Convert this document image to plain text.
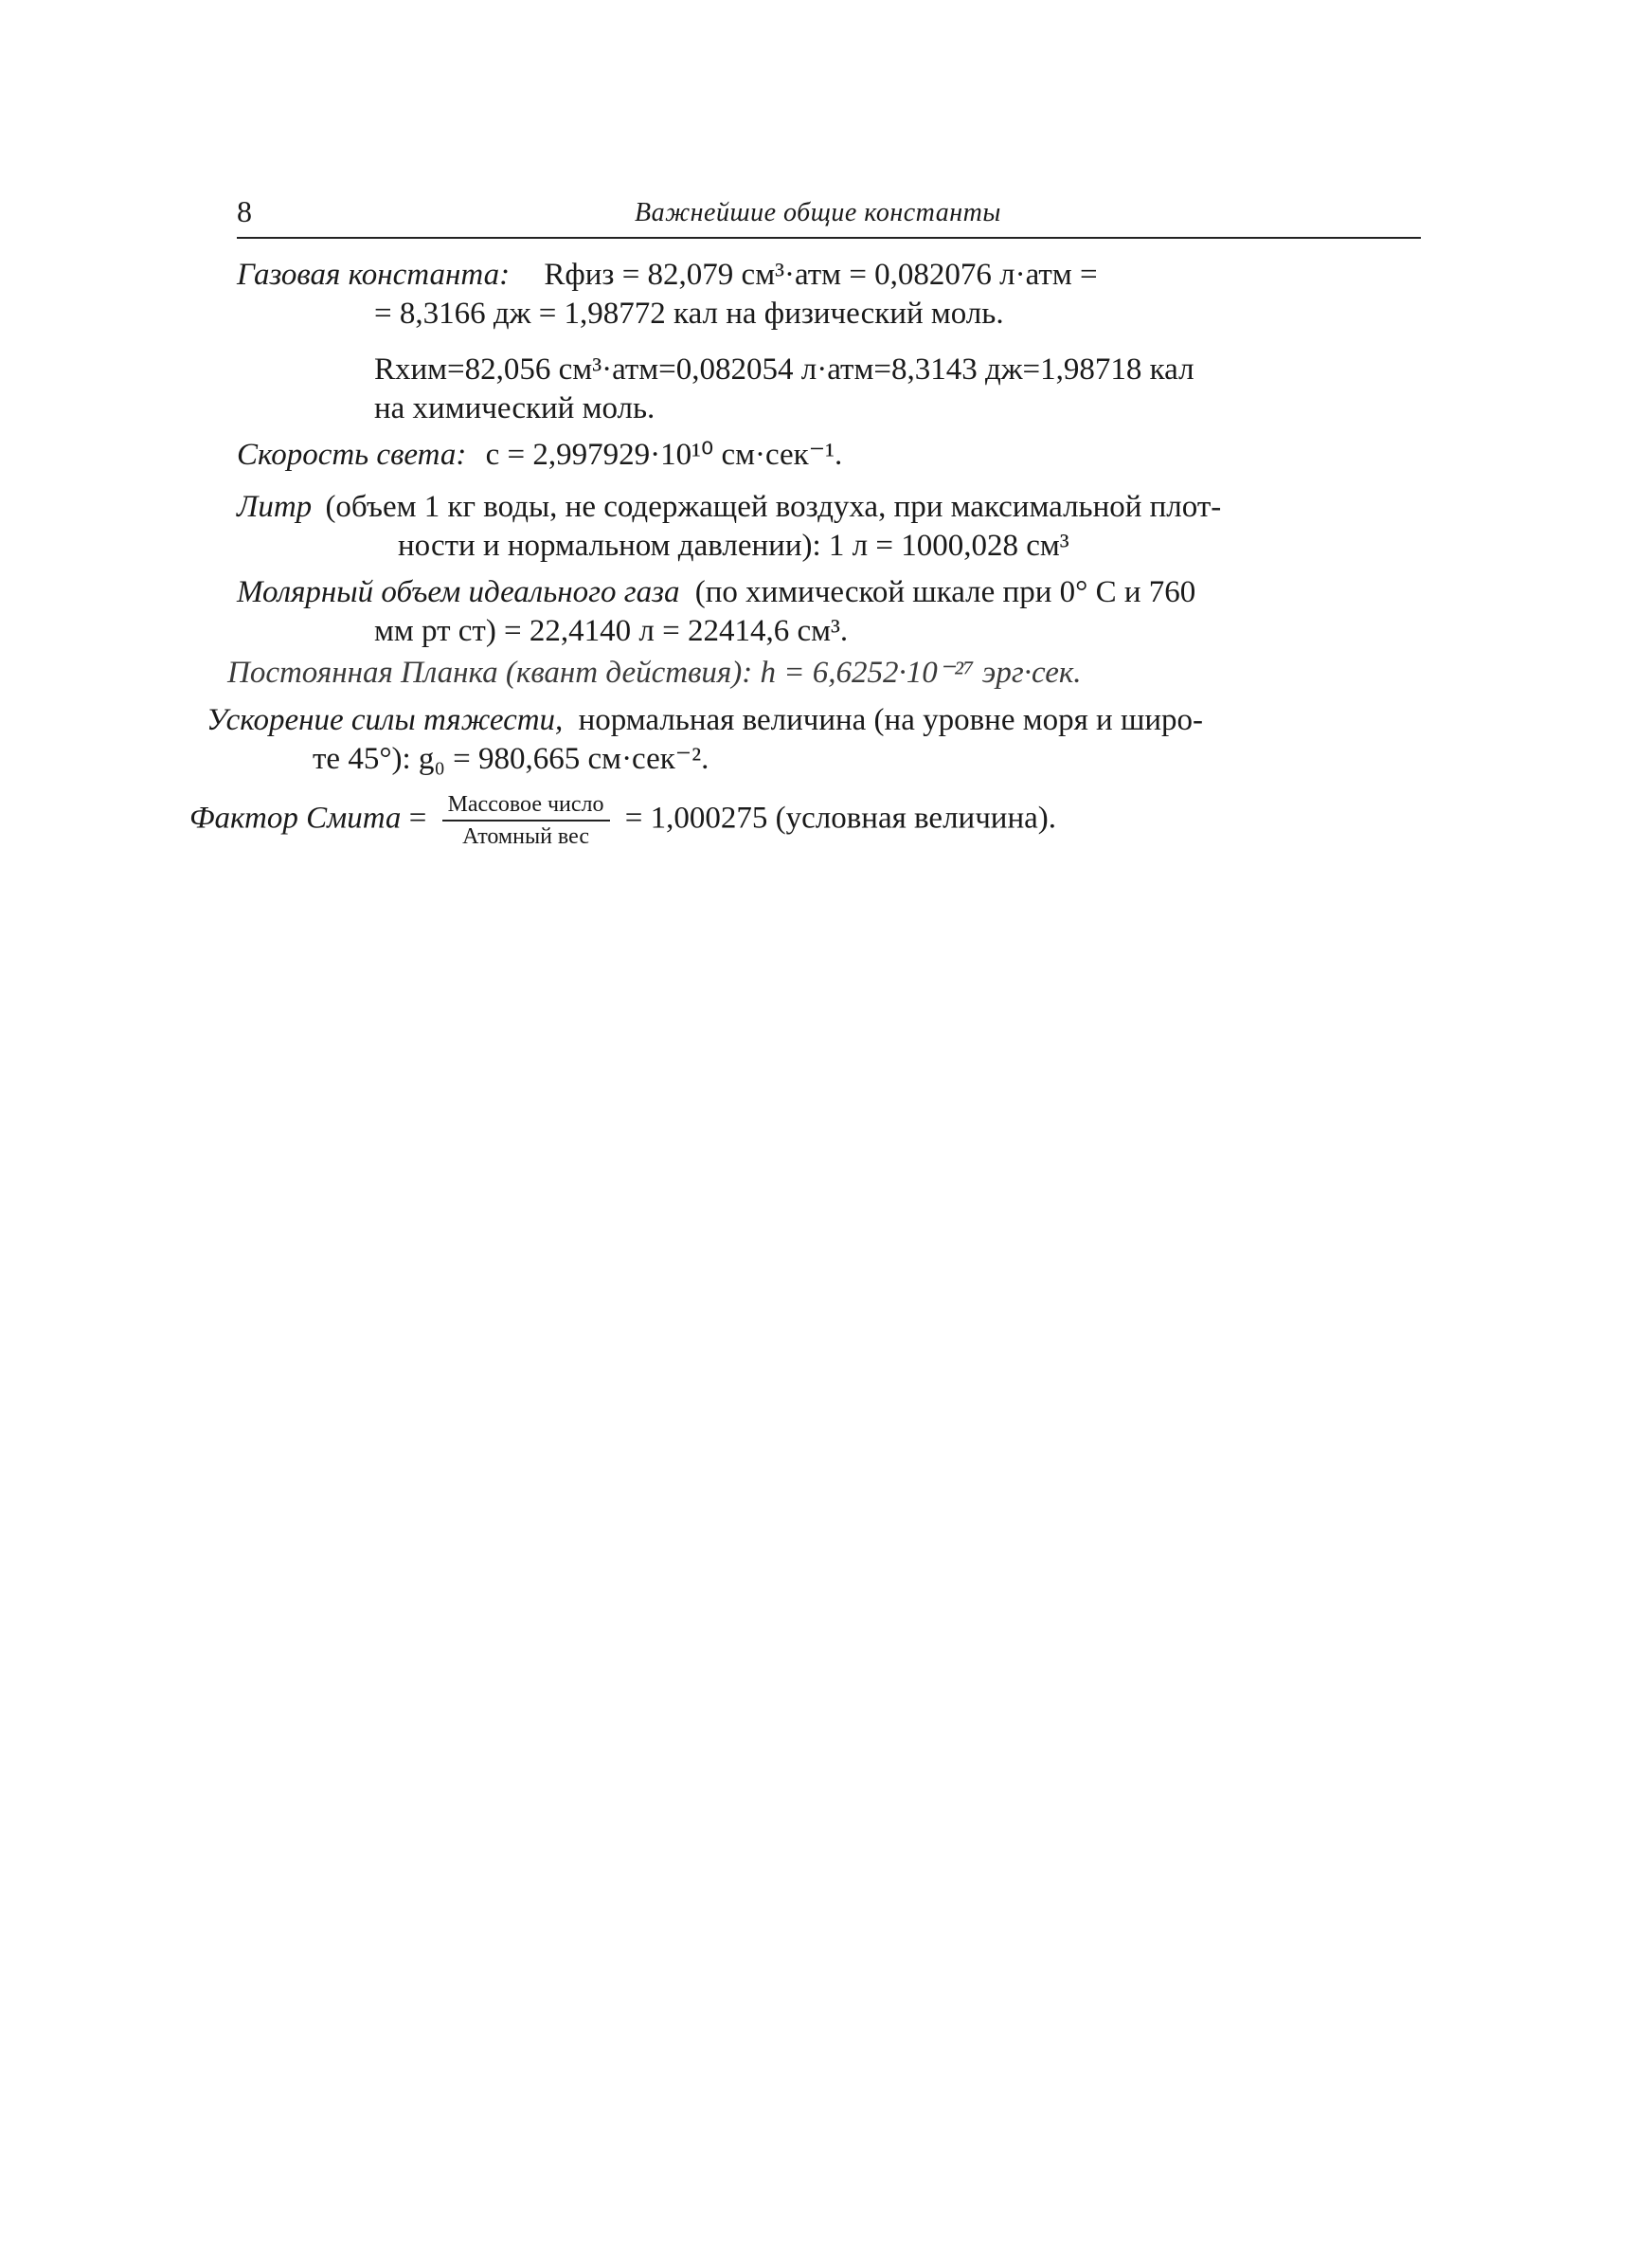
8	Важнейшие общие константы
Газовая константа: Rфиз = 82,079 см³·атм = 0,082076 л·атм =
= 8,3166 дж = 1,98772 кал на физический моль.
Rхим=82,056 см³·атм=0,082054 л·атм=8,3143 дж=1,98718 кал
на химический моль.
Скорость света: c = 2,997929·10¹⁰ см·сек⁻¹.
Литр (объем 1 кг воды, не содержащей воздуха, при максимальной плот-
ности и нормальном давлении): 1 л = 1000,028 см³
Молярный объем идеального газа (по химической шкале при 0° С и 760
мм рт ст) = 22,4140 л = 22414,6 см³.
Постоянная Планка (квант действия): h = 6,6252·10⁻²⁷ эрг·сек.
Ускорение силы тяжести, нормальная величина (на уровне моря и широ-
те 45°): g₀ = 980,665 см·сек⁻².
Фактор Смита = $\frac{\text{Массовое число}}{\text{Атомный вес}} = 1,000275$ (условная величина).
